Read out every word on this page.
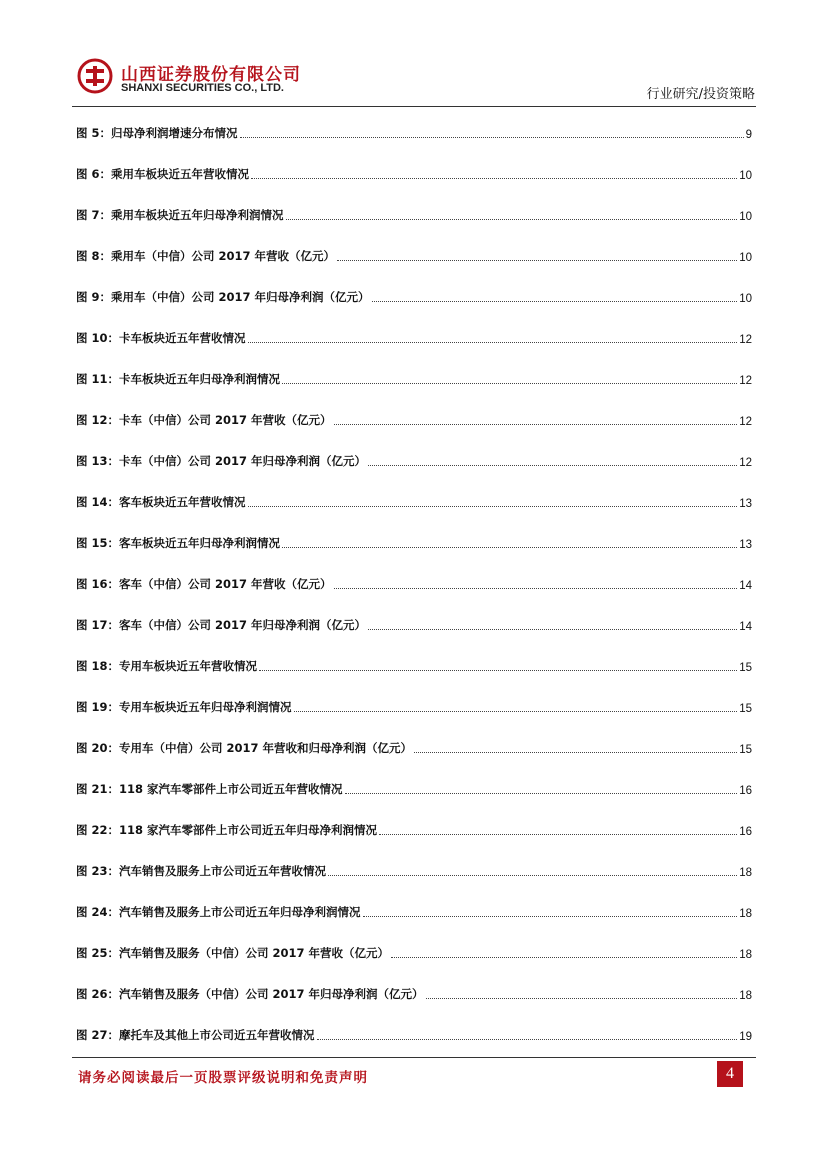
山西证券股份有限公司
SHANXI SECURITIES CO., LTD.	行业研究/投资策略
图 5：归母净利润增速分布情况	9
图 6：乘用车板块近五年营收情况	10
图 7：乘用车板块近五年归母净利润情况	10
图 8：乘用车（中信）公司 2017 年营收（亿元）	10
图 9：乘用车（中信）公司 2017 年归母净利润（亿元）	10
图 10：卡车板块近五年营收情况	12
图 11：卡车板块近五年归母净利润情况	12
图 12：卡车（中信）公司 2017 年营收（亿元）	12
图 13：卡车（中信）公司 2017 年归母净利润（亿元）	12
图 14：客车板块近五年营收情况	13
图 15：客车板块近五年归母净利润情况	13
图 16：客车（中信）公司 2017 年营收（亿元）	14
图 17：客车（中信）公司 2017 年归母净利润（亿元）	14
图 18：专用车板块近五年营收情况	15
图 19：专用车板块近五年归母净利润情况	15
图 20：专用车（中信）公司 2017 年营收和归母净利润（亿元）	15
图 21：118 家汽车零部件上市公司近五年营收情况	16
图 22：118 家汽车零部件上市公司近五年归母净利润情况	16
图 23：汽车销售及服务上市公司近五年营收情况	18
图 24：汽车销售及服务上市公司近五年归母净利润情况	18
图 25：汽车销售及服务（中信）公司 2017 年营收（亿元）	18
图 26：汽车销售及服务（中信）公司 2017 年归母净利润（亿元）	18
图 27：摩托车及其他上市公司近五年营收情况	19
请务必阅读最后一页股票评级说明和免责声明	4
